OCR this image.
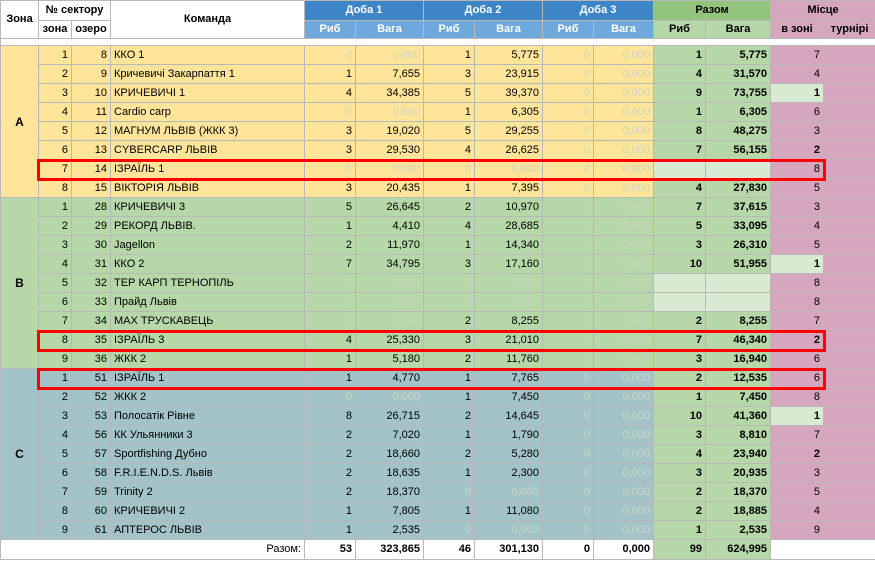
Зона	№ сектору		Команда	Доба 1		Доба 2		Доба 3		Разом		Місце	
	зона	озеро		Риб	Вага	Риб	Вага	Риб	Вага	Риб	Вага	в зоні	турнірі

A	1	8	ККО 1	0	0,000	1	5,775	0	0,000	1	5,775	7	
	2	9	Кричевичі Закарпаття 1	1	7,655	3	23,915	0	0,000	4	31,570	4	
	3	10	КРИЧЕВИЧІ 1	4	34,385	5	39,370	0	0,000	9	73,755	1	
	4	11	Cardio carp	0	0,000	1	6,305	0	0,000	1	6,305	6	
	5	12	МАГНУМ ЛЬВІВ (ЖКК 3)	3	19,020	5	29,255	0	0,000	8	48,275	3	
	6	13	CYBERCARP ЛЬВІВ	3	29,530	4	26,625	0	0,000	7	56,155	2	
	7	14	ІЗРАЇЛЬ 1	0	0,000	0	0,000	0	0,000	0	0,000	8	
	8	15	ВІКТОРІЯ ЛЬВІВ	3	20,435	1	7,395	0	0,000	4	27,830	5	
B	1	28	КРИЧЕВИЧІ 3	5	26,645	2	10,970	0	0,000	7	37,615	3	
	2	29	РЕКОРД ЛЬВІВ.	1	4,410	4	28,685	0	0,000	5	33,095	4	
	3	30	Jagellon	2	11,970	1	14,340	0	0,000	3	26,310	5	
	4	31	ККО 2	7	34,795	3	17,160	0	0,000	10	51,955	1	
	5	32	ТЕР КАРП ТЕРНОПІЛЬ	0	0,000	0	0,000	0	0,000	0	0,000	8	
	6	33	Прайд Львів	0	0,000	0	0,000	0	0,000	0	0,000	8	
	7	34	MAX ТРУСКАВЕЦЬ	0	0,000	2	8,255	0	0,000	2	8,255	7	
	8	35	ІЗРАЇЛЬ 3	4	25,330	3	21,010	0	0,000	7	46,340	2	
	9	36	ЖКК 2	1	5,180	2	11,760	0	0,000	3	16,940	6	
C	1	51	ІЗРАЇЛЬ 1	1	4,770	1	7,765	0	0,000	2	12,535	6	
	2	52	ЖКК 2	0	0,000	1	7,450	0	0,000	1	7,450	8	
	3	53	Полосатік Рівне	8	26,715	2	14,645	0	0,000	10	41,360	1	
	4	56	КК Ульянники 3	2	7,020	1	1,790	0	0,000	3	8,810	7	
	5	57	Sportfishing Дубно	2	18,660	2	5,280	0	0,000	4	23,940	2	
	6	58	F.R.I.E.N.D.S. Львів	2	18,635	1	2,300	0	0,000	3	20,935	3	
	7	59	Trinity 2	2	18,370	0	0,000	0	0,000	2	18,370	5	
	8	60	КРИЧЕВИЧІ 2	1	7,805	1	11,080	0	0,000	2	18,885	4	
	9	61	АПТЕРОС ЛЬВІВ	1	2,535	0	0,000	0	0,000	1	2,535	9	
Разом:				53	323,865	46	301,130	0	0,000	99	624,995		
